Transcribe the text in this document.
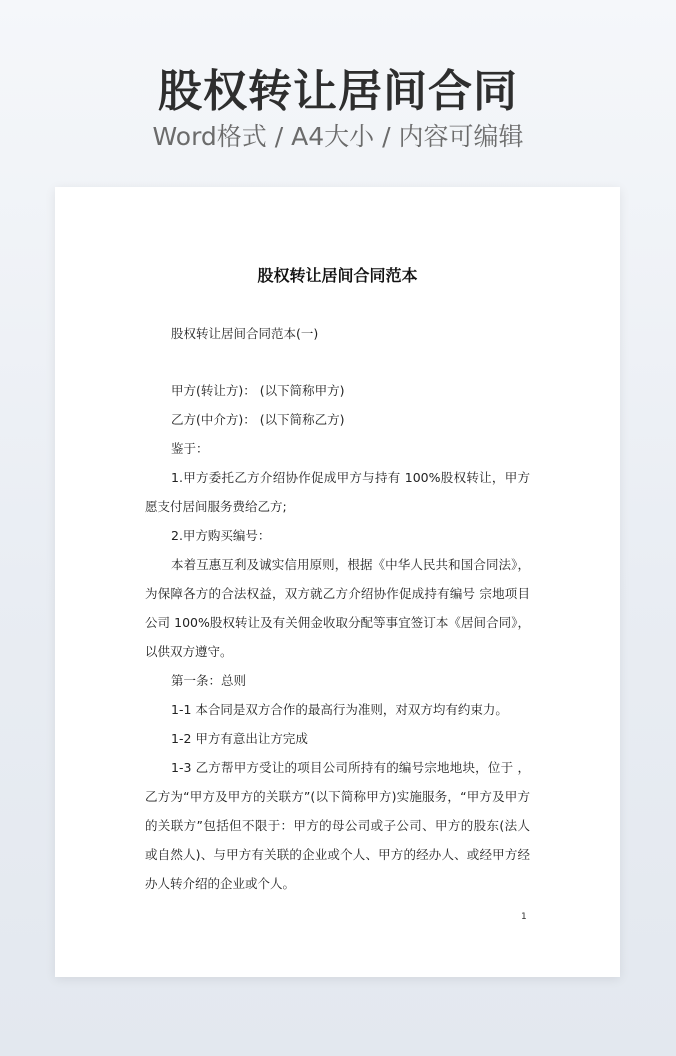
股权转让居间合同
Word格式 / A4大小 / 内容可编辑
股权转让居间合同范本

股权转让居间合同范本(一)

甲方(转让方)： (以下简称甲方)

乙方(中介方)： (以下简称乙方)

鉴于：

1.甲方委托乙方介绍协作促成甲方与持有 100%股权转让，甲方愿支付居间服务费给乙方;

2.甲方购买编号：

本着互惠互利及诚实信用原则，根据《中华人民共和国合同法》，为保障各方的合法权益，双方就乙方介绍协作促成持有编号 宗地项目公司 100%股权转让及有关佣金收取分配等事宜签订本《居间合同》，以供双方遵守。

第一条：总则

1-1 本合同是双方合作的最高行为准则，对双方均有约束力。

1-2 甲方有意出让方完成

1-3 乙方帮甲方受让的项目公司所持有的编号宗地地块，位于 ，乙方为“甲方及甲方的关联方”(以下简称甲方)实施服务，“甲方及甲方的关联方”包括但不限于：甲方的母公司或子公司、甲方的股东(法人或自然人)、与甲方有关联的企业或个人、甲方的经办人、或经甲方经办人转介绍的企业或个人。

1
